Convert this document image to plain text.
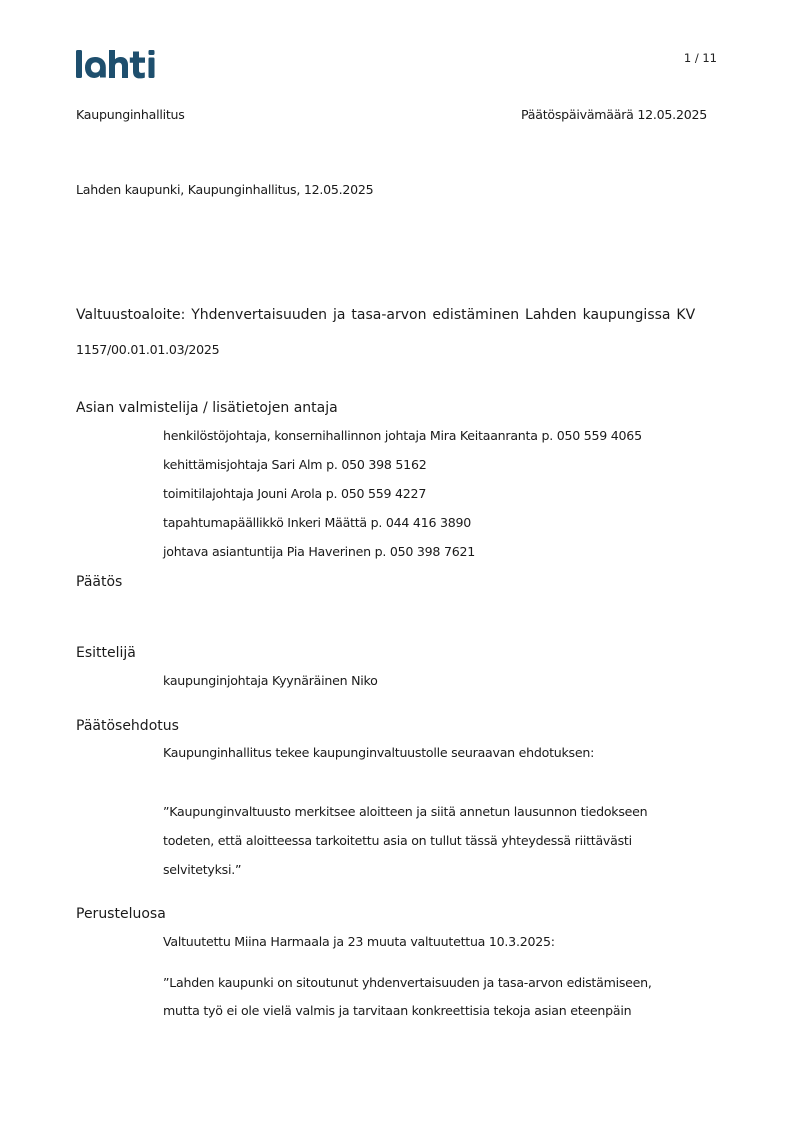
1 / 11
Kaupunginhallitus	Päätöspäivämäärä 12.05.2025
Lahden kaupunki, Kaupunginhallitus, 12.05.2025
Valtuustoaloite: Yhdenvertaisuuden ja tasa-arvon edistäminen Lahden kaupungissa KV
1157/00.01.01.03/2025
Asian valmistelija / lisätietojen antaja
henkilöstöjohtaja, konsernihallinnon johtaja Mira Keitaanranta p. 050 559 4065
kehittämisjohtaja Sari Alm p. 050 398 5162
toimitilajohtaja Jouni Arola p. 050 559 4227
tapahtumapäällikkö Inkeri Määttä p. 044 416 3890
johtava asiantuntija Pia Haverinen p. 050 398 7621
Päätös
Esittelijä
kaupunginjohtaja Kyynäräinen Niko
Päätösehdotus
Kaupunginhallitus tekee kaupunginvaltuustolle seuraavan ehdotuksen:
”Kaupunginvaltuusto merkitsee aloitteen ja siitä annetun lausunnon tiedokseen
todeten, että aloitteessa tarkoitettu asia on tullut tässä yhteydessä riittävästi
selvitetyksi.”
Perusteluosa
Valtuutettu Miina Harmaala ja 23 muuta valtuutettua 10.3.2025:
”Lahden kaupunki on sitoutunut yhdenvertaisuuden ja tasa-arvon edistämiseen,
mutta työ ei ole vielä valmis ja tarvitaan konkreettisia tekoja asian eteenpäin
